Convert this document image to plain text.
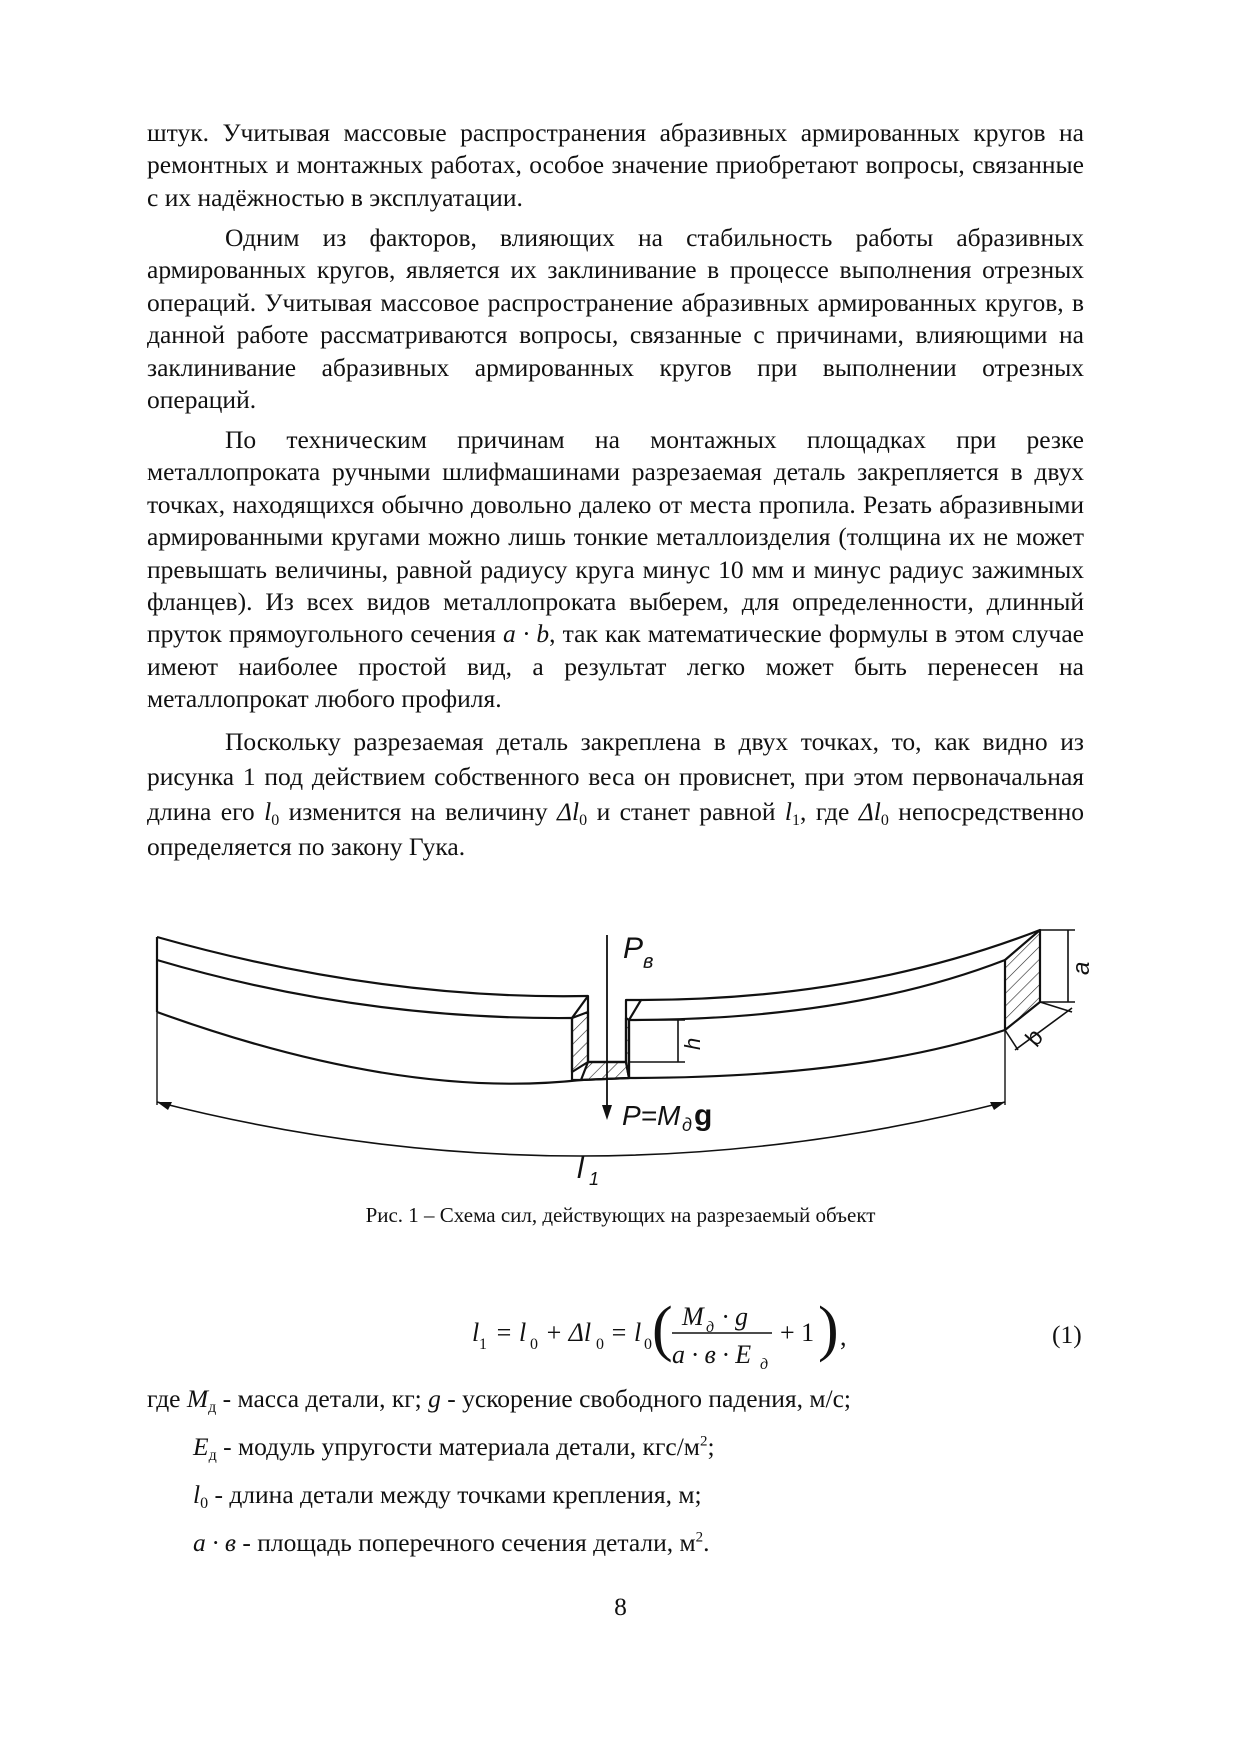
штук. Учитывая массовые распространения абразивных армированных кругов на ремонтных и монтажных работах, особое значение приобретают вопросы, связанные с их надёжностью в эксплуатации.

Одним из факторов, влияющих на стабильность работы абразивных армированных кругов, является их заклинивание в процессе выполнения отрезных операций. Учитывая массовое распространение абразивных армированных кругов, в данной работе рассматриваются вопросы, связанные с причинами, влияющими на заклинивание абразивных армированных кругов при выполнении отрезных операций.

По техническим причинам на монтажных площадках при резке металлопроката ручными шлифмашинами разрезаемая деталь закрепляется в двух точках, находящихся обычно довольно далеко от места пропила. Резать абразивными армированными кругами можно лишь тонкие металлоизделия (толщина их не может превышать величины, равной радиусу круга минус 10 мм и минус радиус зажимных фланцев). Из всех видов металлопроката выберем, для определенности, длинный пруток прямоугольного сечения a · b, так как математические формулы в этом случае имеют наиболее простой вид, а результат легко может быть перенесен на металлопрокат любого профиля.

Поскольку разрезаемая деталь закреплена в двух точках, то, как видно из рисунка 1 под действием собственного веса он провиснет, при этом первоначальная длина его $l_0$ изменится на величину $\Delta l_0$ и станет равной $l_1$, где $\Delta l_0$ непосредственно определяется по закону Гука.

P в
P=M д g
h
a
b
l 1
Рис. 1 – Схема сил, действующих на разрезаемый объект
l 1 = l 0 + Δl 0 = l 0 ( M д · g
a · в · E д
+ 1 ) ,	(1)
где $M_д$ - масса детали, кг; g - ускорение свободного падения, м/с;
$E_д$ - модуль упругости материала детали, кгс/$м^2$;
$l_0$ - длина детали между точками крепления, м;
a · в - площадь поперечного сечения детали, $м^2$.
8
